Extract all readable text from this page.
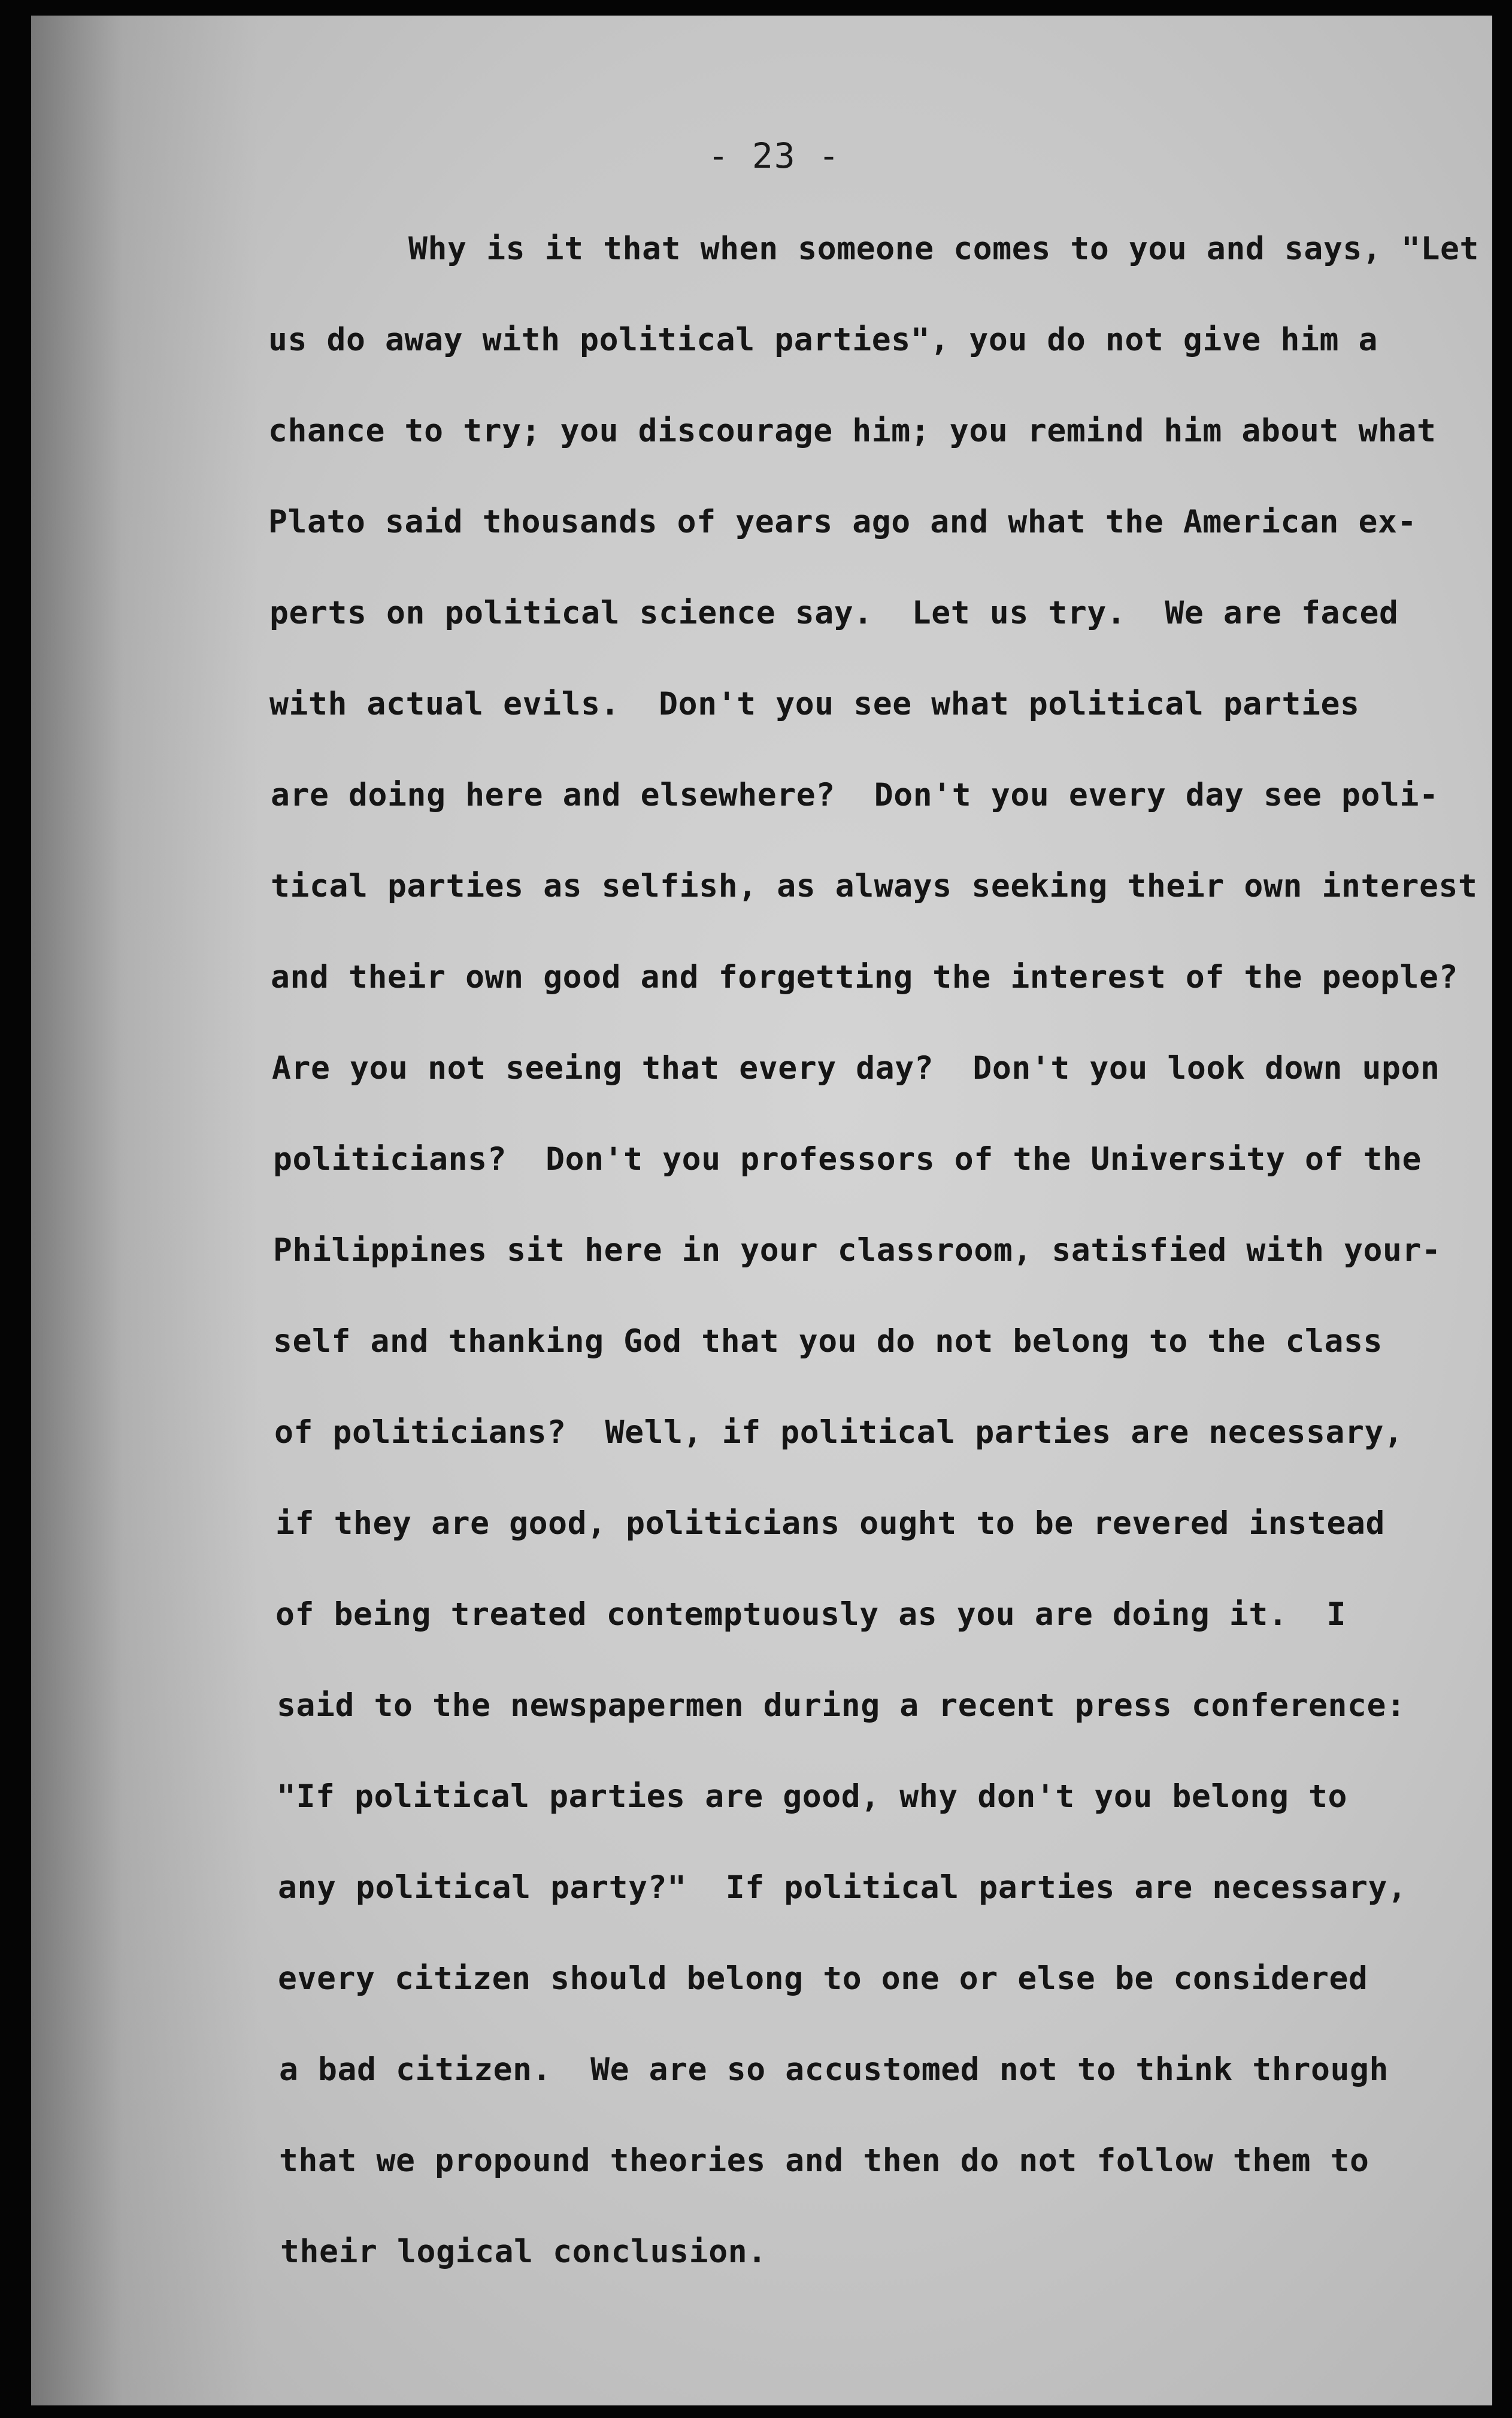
- 23 -
Why is it that when someone comes to you and says, "Let
us do away with political parties", you do not give him a
chance to try; you discourage him; you remind him about what
Plato said thousands of years ago and what the American ex-
perts on political science say.  Let us try.  We are faced
with actual evils.  Don't you see what political parties
are doing here and elsewhere?  Don't you every day see poli-
tical parties as selfish, as always seeking their own interest
and their own good and forgetting the interest of the people?
Are you not seeing that every day?  Don't you look down upon
politicians?  Don't you professors of the University of the
Philippines sit here in your classroom, satisfied with your-
self and thanking God that you do not belong to the class
of politicians?  Well, if political parties are necessary,
if they are good, politicians ought to be revered instead
of being treated contemptuously as you are doing it.  I
said to the newspapermen during a recent press conference:
"If political parties are good, why don't you belong to
any political party?"  If political parties are necessary,
every citizen should belong to one or else be considered
a bad citizen.  We are so accustomed not to think through
that we propound theories and then do not follow them to
their logical conclusion.
